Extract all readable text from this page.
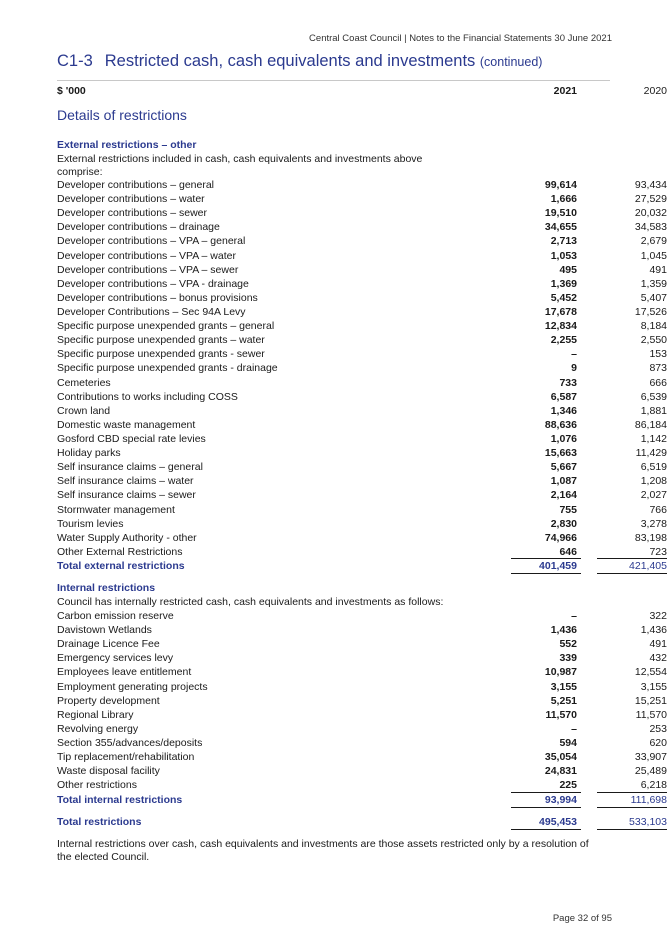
Central Coast Council | Notes to the Financial Statements 30 June 2021
C1-3 Restricted cash, cash equivalents and investments (continued)
$ '000	2021	2020
Details of restrictions
External restrictions – other
External restrictions included in cash, cash equivalents and investments above comprise:
Developer contributions – general	99,614	93,434
Developer contributions – water	1,666	27,529
Developer contributions – sewer	19,510	20,032
Developer contributions – drainage	34,655	34,583
Developer contributions – VPA – general	2,713	2,679
Developer contributions – VPA – water	1,053	1,045
Developer contributions – VPA – sewer	495	491
Developer contributions – VPA - drainage	1,369	1,359
Developer contributions – bonus provisions	5,452	5,407
Developer Contributions – Sec 94A Levy	17,678	17,526
Specific purpose unexpended grants – general	12,834	8,184
Specific purpose unexpended grants – water	2,255	2,550
Specific purpose unexpended grants - sewer	–	153
Specific purpose unexpended grants - drainage	9	873
Cemeteries	733	666
Contributions to works including COSS	6,587	6,539
Crown land	1,346	1,881
Domestic waste management	88,636	86,184
Gosford CBD special rate levies	1,076	1,142
Holiday parks	15,663	11,429
Self insurance claims – general	5,667	6,519
Self insurance claims – water	1,087	1,208
Self insurance claims – sewer	2,164	2,027
Stormwater management	755	766
Tourism levies	2,830	3,278
Water Supply Authority - other	74,966	83,198
Other External Restrictions	646	723
Total external restrictions	401,459	421,405
Internal restrictions
Council has internally restricted cash, cash equivalents and investments as follows:
Carbon emission reserve	–	322
Davistown Wetlands	1,436	1,436
Drainage Licence Fee	552	491
Emergency services levy	339	432
Employees leave entitlement	10,987	12,554
Employment generating projects	3,155	3,155
Property development	5,251	15,251
Regional Library	11,570	11,570
Revolving energy	–	253
Section 355/advances/deposits	594	620
Tip replacement/rehabilitation	35,054	33,907
Waste disposal facility	24,831	25,489
Other restrictions	225	6,218
Total internal restrictions	93,994	111,698
Total restrictions	495,453	533,103
Internal restrictions over cash, cash equivalents and investments are those assets restricted only by a resolution of the elected Council.
Page 32 of 95
